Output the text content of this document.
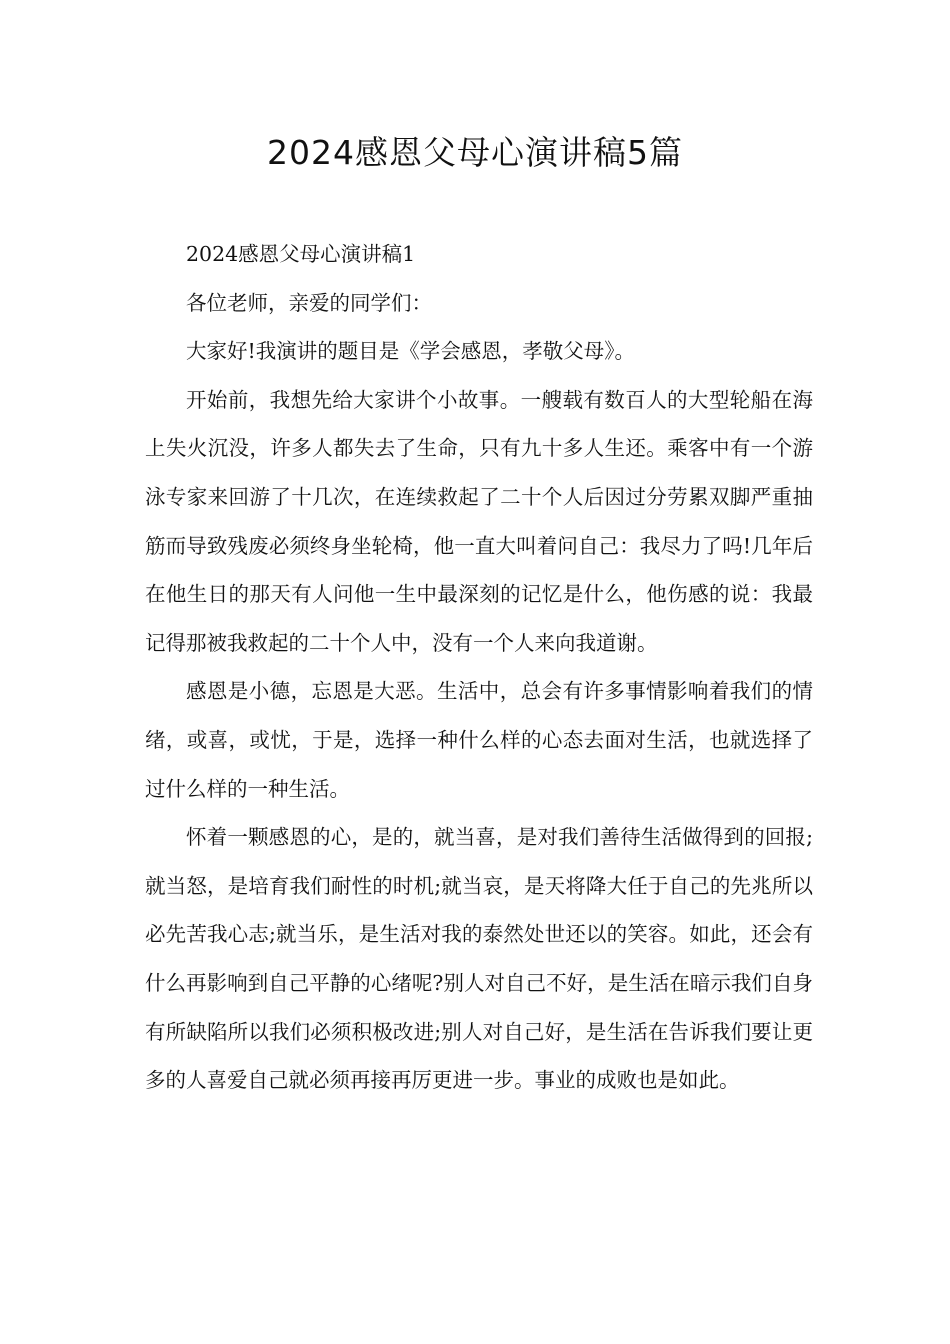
2024感恩父母心演讲稿5篇

2024感恩父母心演讲稿1

各位老师，亲爱的同学们：

大家好!我演讲的题目是《学会感恩，孝敬父母》。

开始前，我想先给大家讲个小故事。一艘载有数百人的大型轮船在海上失火沉没，许多人都失去了生命，只有九十多人生还。乘客中有一个游泳专家来回游了十几次，在连续救起了二十个人后因过分劳累双脚严重抽筋而导致残废必须终身坐轮椅，他一直大叫着问自己：我尽力了吗!几年后在他生日的那天有人问他一生中最深刻的记忆是什么，他伤感的说：我最记得那被我救起的二十个人中，没有一个人来向我道谢。

感恩是小德，忘恩是大恶。生活中，总会有许多事情影响着我们的情绪，或喜，或忧，于是，选择一种什么样的心态去面对生活，也就选择了过什么样的一种生活。

怀着一颗感恩的心，是的，就当喜，是对我们善待生活做得到的回报;就当怒，是培育我们耐性的时机;就当哀，是天将降大任于自己的先兆所以必先苦我心志;就当乐，是生活对我的泰然处世还以的笑容。如此，还会有什么再影响到自己平静的心绪呢?别人对自己不好，是生活在暗示我们自身有所缺陷所以我们必须积极改进;别人对自己好，是生活在告诉我们要让更多的人喜爱自己就必须再接再厉更进一步。事业的成败也是如此。
